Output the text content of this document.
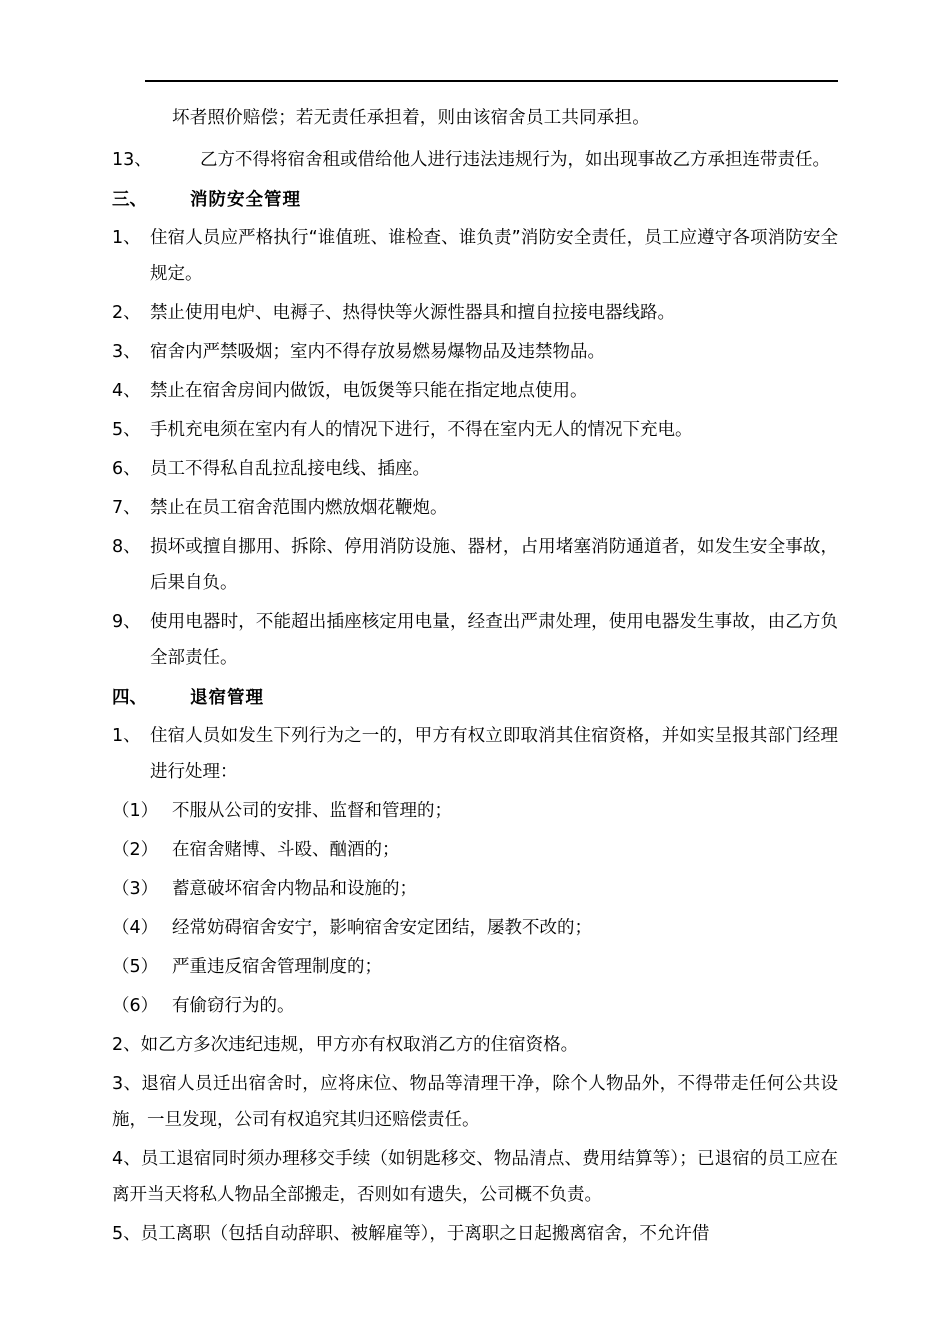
坏者照价赔偿；若无责任承担着，则由该宿舍员工共同承担。

13、	乙方不得将宿舍租或借给他人进行违法违规行为，如出现事故乙方承担连带责任。
三、	消防安全管理
1、 住宿人员应严格执行“谁值班、谁检查、谁负责”消防安全责任，员工应遵守各项消防安全规定。
2、 禁止使用电炉、电褥子、热得快等火源性器具和擅自拉接电器线路。
3、 宿舍内严禁吸烟；室内不得存放易燃易爆物品及违禁物品。
4、 禁止在宿舍房间内做饭，电饭煲等只能在指定地点使用。
5、 手机充电须在室内有人的情况下进行，不得在室内无人的情况下充电。
6、 员工不得私自乱拉乱接电线、插座。
7、 禁止在员工宿舍范围内燃放烟花鞭炮。
8、 损坏或擅自挪用、拆除、停用消防设施、器材，占用堵塞消防通道者，如发生安全事故，后果自负。
9、 使用电器时，不能超出插座核定用电量，经查出严肃处理，使用电器发生事故，由乙方负全部责任。
四、	退宿管理
1、 住宿人员如发生下列行为之一的，甲方有权立即取消其住宿资格，并如实呈报其部门经理进行处理：
（1） 不服从公司的安排、监督和管理的；
（2） 在宿舍赌博、斗殴、酗酒的；
（3） 蓄意破坏宿舍内物品和设施的；
（4） 经常妨碍宿舍安宁，影响宿舍安定团结，屡教不改的；
（5） 严重违反宿舍管理制度的；
（6） 有偷窃行为的。

2、如乙方多次违纪违规，甲方亦有权取消乙方的住宿资格。

3、退宿人员迁出宿舍时，应将床位、物品等清理干净，除个人物品外，不得带走任何公共设施，一旦发现，公司有权追究其归还赔偿责任。

4、员工退宿同时须办理移交手续（如钥匙移交、物品清点、费用结算等）；已退宿的员工应在离开当天将私人物品全部搬走，否则如有遗失，公司概不负责。

5、员工离职（包括自动辞职、被解雇等），于离职之日起搬离宿舍，不允许借
